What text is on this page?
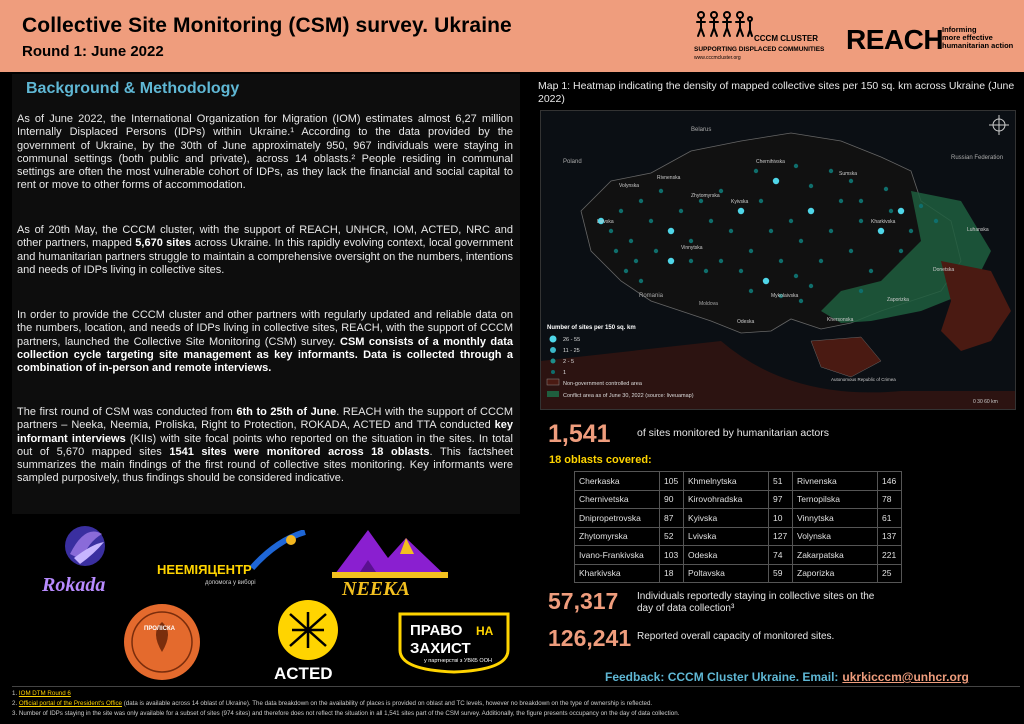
Collective Site Monitoring (CSM) survey. Ukraine
Round 1: June 2022
CCCM CLUSTER
SUPPORTING DISPLACED COMMUNITIES
www.cccmcluster.org
REACH
Informing
more effective
humanitarian action
Background & Methodology
As of June 2022, the International Organization for Migration (IOM) estimates almost 6,27 million Internally Displaced Persons (IDPs) within Ukraine.¹ According to the data provided by the government of Ukraine, by the 30th of June approximately 950, 967 individuals were staying in communal settings (both public and private), across 14 oblasts.² People residing in communal settings are often the most vulnerable cohort of IDPs, as they lack the financial and social capital to rent or move to other forms of accommodation.
As of 20th May, the CCCM cluster, with the support of REACH, UNHCR, IOM, ACTED, NRC and other partners, mapped 5,670 sites across Ukraine. In this rapidly evolving context, local government and humanitarian partners struggle to maintain a comprehensive oversight on the numbers, intentions and needs of IDPs living in collective sites.
In order to provide the CCCM cluster and other partners with regularly updated and reliable data on the numbers, location, and needs of IDPs living in collective sites, REACH, with the support of CCCM partners, launched the Collective Site Monitoring (CSM) survey. CSM consists of a monthly data collection cycle targeting site management as key informants. Data is collected through a combination of in-person and remote interviews.
The first round of CSM was conducted from 6th to 25th of June. REACH with the support of CCCM partners – Neeka, Neemia, Proliska, Right to Protection, ROKADA, ACTED and TTA conducted key informant interviews (KIIs) with site focal points who reported on the situation in the sites. In total out of 5,670 mapped sites 1541 sites were monitored across 18 oblasts. This factsheet summarizes the main findings of the first round of collective sites monitoring. Key informants were sampled purposively, thus findings should be considered indicative.
Rokada
НЕЕМІЯЦЕНТР
допомога у виборі	NEEKA
ПРОЛІСКА
ACTED
ПРАВО НА
ЗАХИСТ
у партнерстві з УВКБ ООН
Map 1: Heatmap indicating the density of mapped collective sites per 150 sq. km across Ukraine (June 2022)
Belarus
Poland
Russian Federation
Romania
Moldova
Chernihivska
Sumska
Kyivska
Kharkivska
Volynska
Rivnenska
Zhytomyrska
Lvivska
Vinnytska
Odeska
Mykolaivska
Khersonska
Zaporizka
Donetska
Luhanska
Autonomous Republic of Crimea
Number of sites per 150 sq. km
26 - 55
11 - 25
2 - 5
1
Non-government controlled area
Conflict area as of June 30, 2022 (source: liveuamap)
0 30 60 km
1,541	of sites monitored by humanitarian actors
18 oblasts covered:
Cherkaska	105	Khmelnytska	51	Rivnenska	146
Chernivetska	90	Kirovohradska	97	Ternopilska	78
Dnipropetrovska	87	Kyivska	10	Vinnytska	61
Zhytomyrska	52	Lvivska	127	Volynska	137
Ivano-Frankivska	103	Odeska	74	Zakarpatska	221
Kharkivska	18	Poltavska	59	Zaporizka	25
57,317 Individuals reportedly staying in collective sites on the day of data collection³
126,241 Reported overall capacity of monitored sites.
Feedback: CCCM Cluster Ukraine. Email: ukrkicccm@unhcr.org
1. IOM DTM Round 6
2. Official portal of the President's Office (data is available across 14 oblast of Ukraine). The data breakdown on the availability of places is provided on oblast and TC levels, however no breakdown on the type of ownership is reflected.
3. Number of IDPs staying in the site was only available for a subset of sites (974 sites) and therefore does not reflect the situation in all 1,541 sites part of the CSM survey. Additionally, the figure presents occupancy on the day of data collection.
